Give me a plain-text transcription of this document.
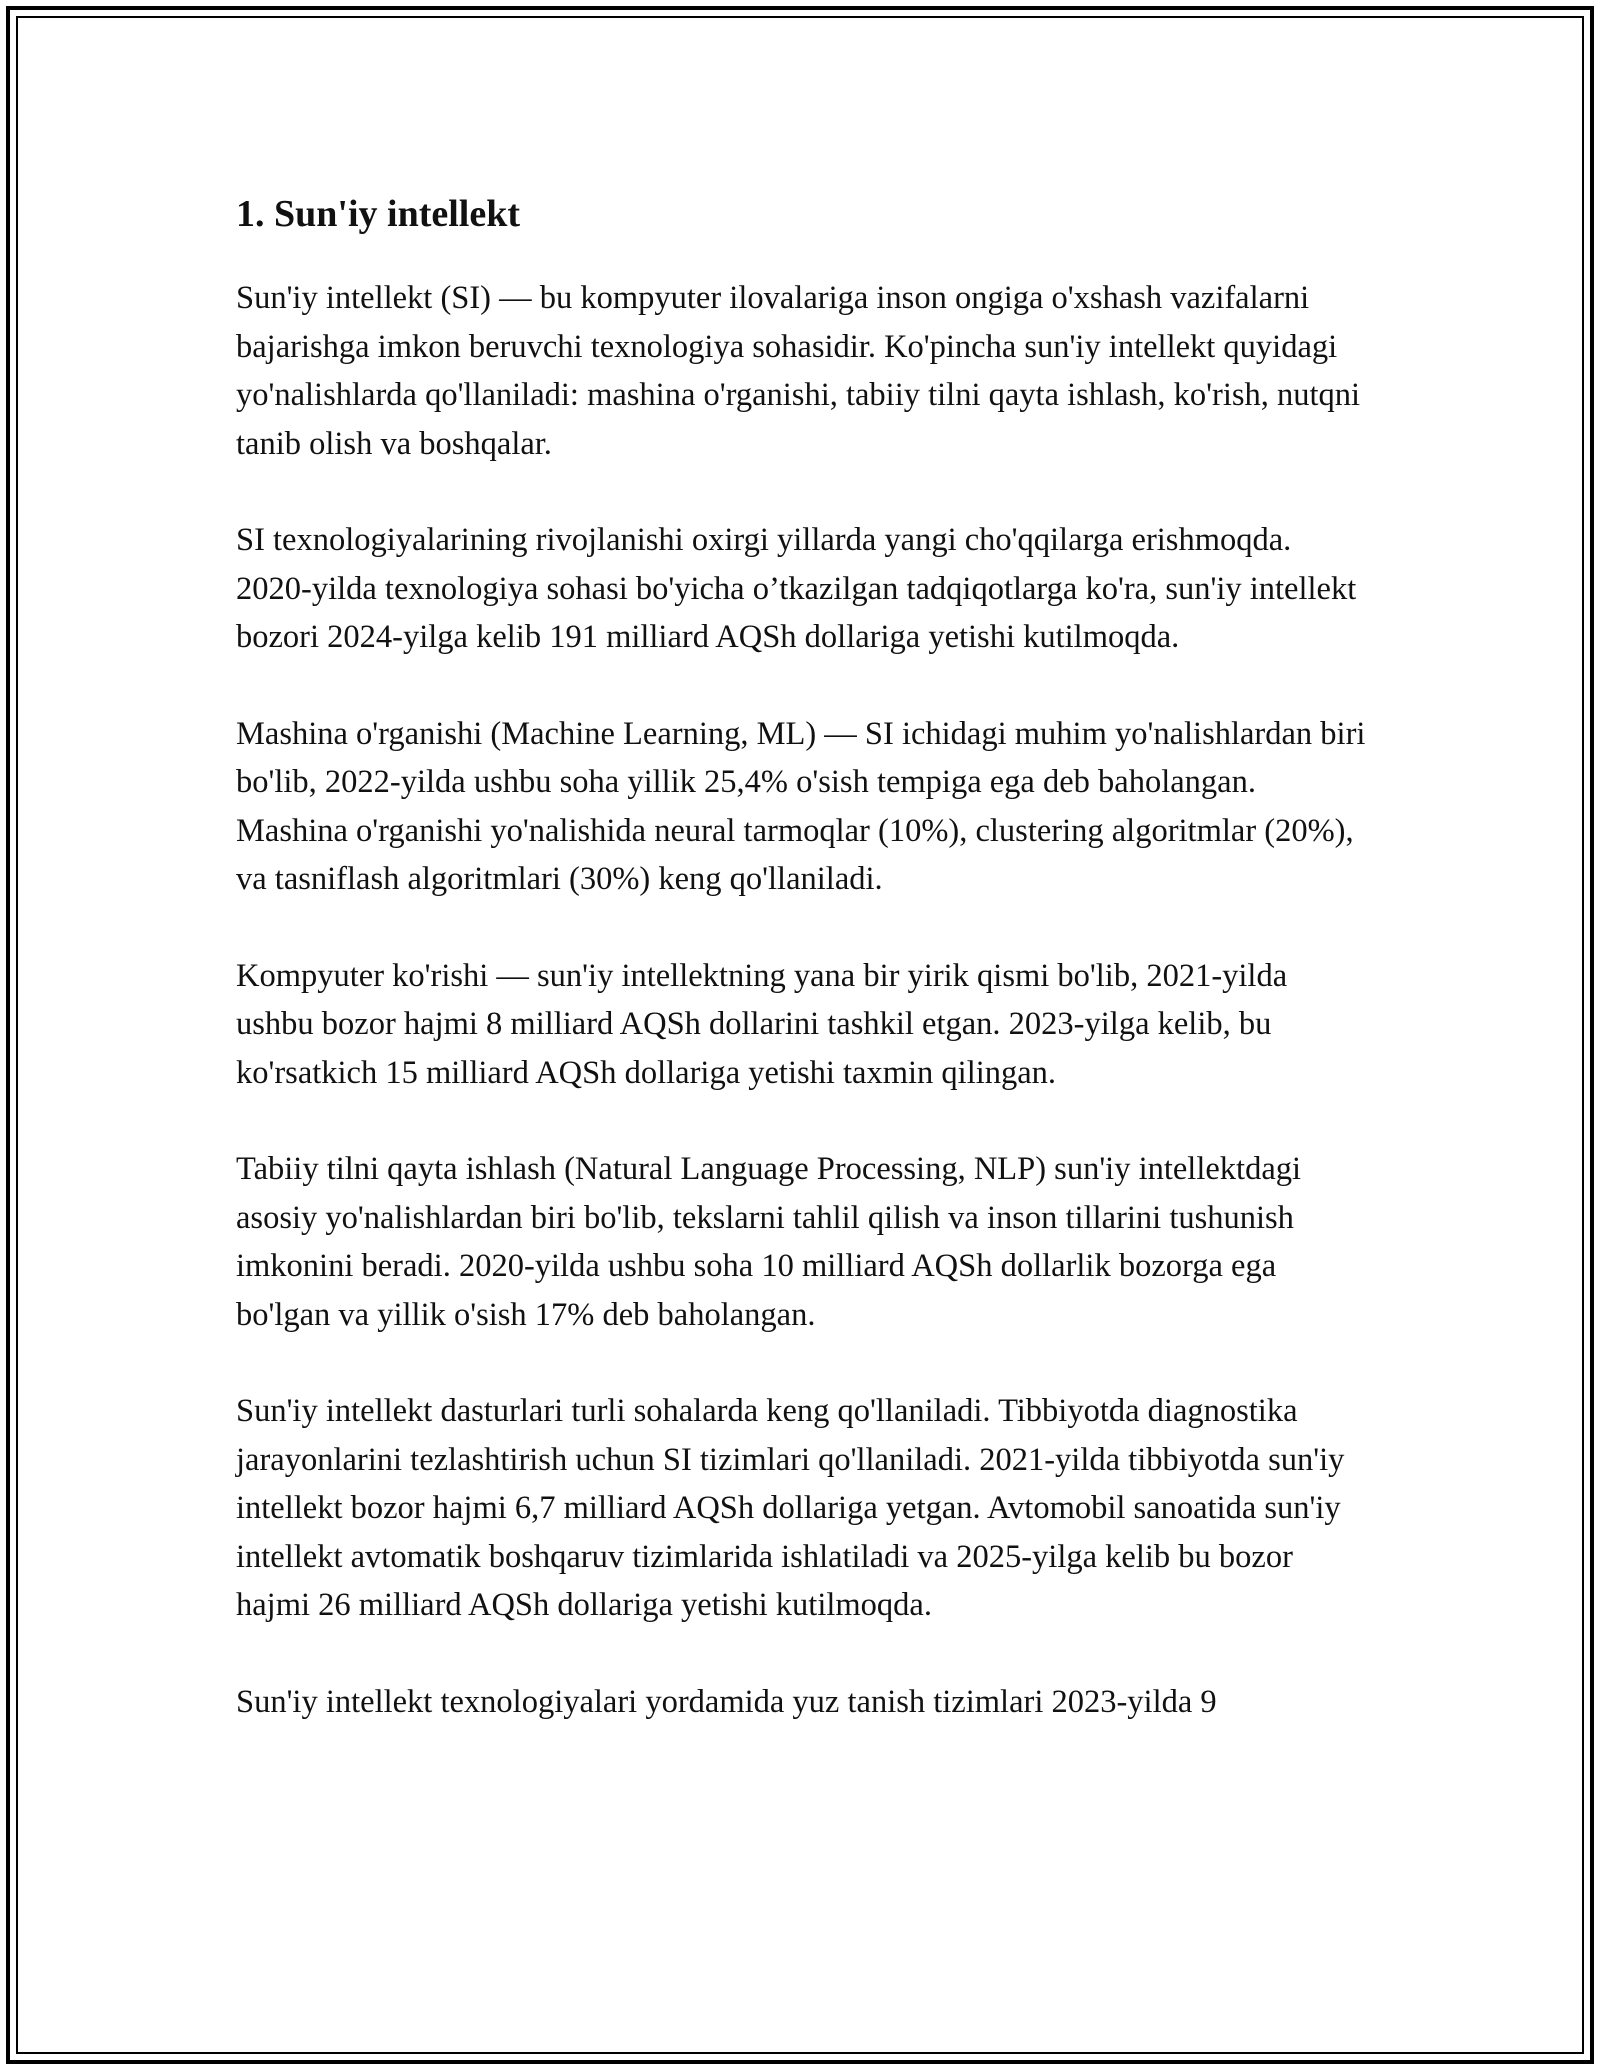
1. Sun'iy intellekt

Sun'iy intellekt (SI) — bu kompyuter ilovalariga inson ongiga o'xshash vazifalarni bajarishga imkon beruvchi texnologiya sohasidir. Ko'pincha sun'iy intellekt quyidagi yo'nalishlarda qo'llaniladi: mashina o'rganishi, tabiiy tilni qayta ishlash, ko'rish, nutqni tanib olish va boshqalar.

SI texnologiyalarining rivojlanishi oxirgi yillarda yangi cho'qqilarga erishmoqda. 2020-yilda texnologiya sohasi bo'yicha o’tkazilgan tadqiqotlarga ko'ra, sun'iy intellekt bozori 2024-yilga kelib 191 milliard AQSh dollariga yetishi kutilmoqda.

Mashina o'rganishi (Machine Learning, ML) — SI ichidagi muhim yo'nalishlardan biri bo'lib, 2022-yilda ushbu soha yillik 25,4% o'sish tempiga ega deb baholangan. Mashina o'rganishi yo'nalishida neural tarmoqlar (10%), clustering algoritmlar (20%), va tasniflash algoritmlari (30%) keng qo'llaniladi.

Kompyuter ko'rishi — sun'iy intellektning yana bir yirik qismi bo'lib, 2021-yilda ushbu bozor hajmi 8 milliard AQSh dollarini tashkil etgan. 2023-yilga kelib, bu ko'rsatkich 15 milliard AQSh dollariga yetishi taxmin qilingan.

Tabiiy tilni qayta ishlash (Natural Language Processing, NLP) sun'iy intellektdagi asosiy yo'nalishlardan biri bo'lib, tekslarni tahlil qilish va inson tillarini tushunish imkonini beradi. 2020-yilda ushbu soha 10 milliard AQSh dollarlik bozorga ega bo'lgan va yillik o'sish 17% deb baholangan.

Sun'iy intellekt dasturlari turli sohalarda keng qo'llaniladi. Tibbiyotda diagnostika jarayonlarini tezlashtirish uchun SI tizimlari qo'llaniladi. 2021-yilda tibbiyotda sun'iy intellekt bozor hajmi 6,7 milliard AQSh dollariga yetgan. Avtomobil sanoatida sun'iy intellekt avtomatik boshqaruv tizimlarida ishlatiladi va 2025-yilga kelib bu bozor hajmi 26 milliard AQSh dollariga yetishi kutilmoqda.

Sun'iy intellekt texnologiyalari yordamida yuz tanish tizimlari 2023-yilda 9
